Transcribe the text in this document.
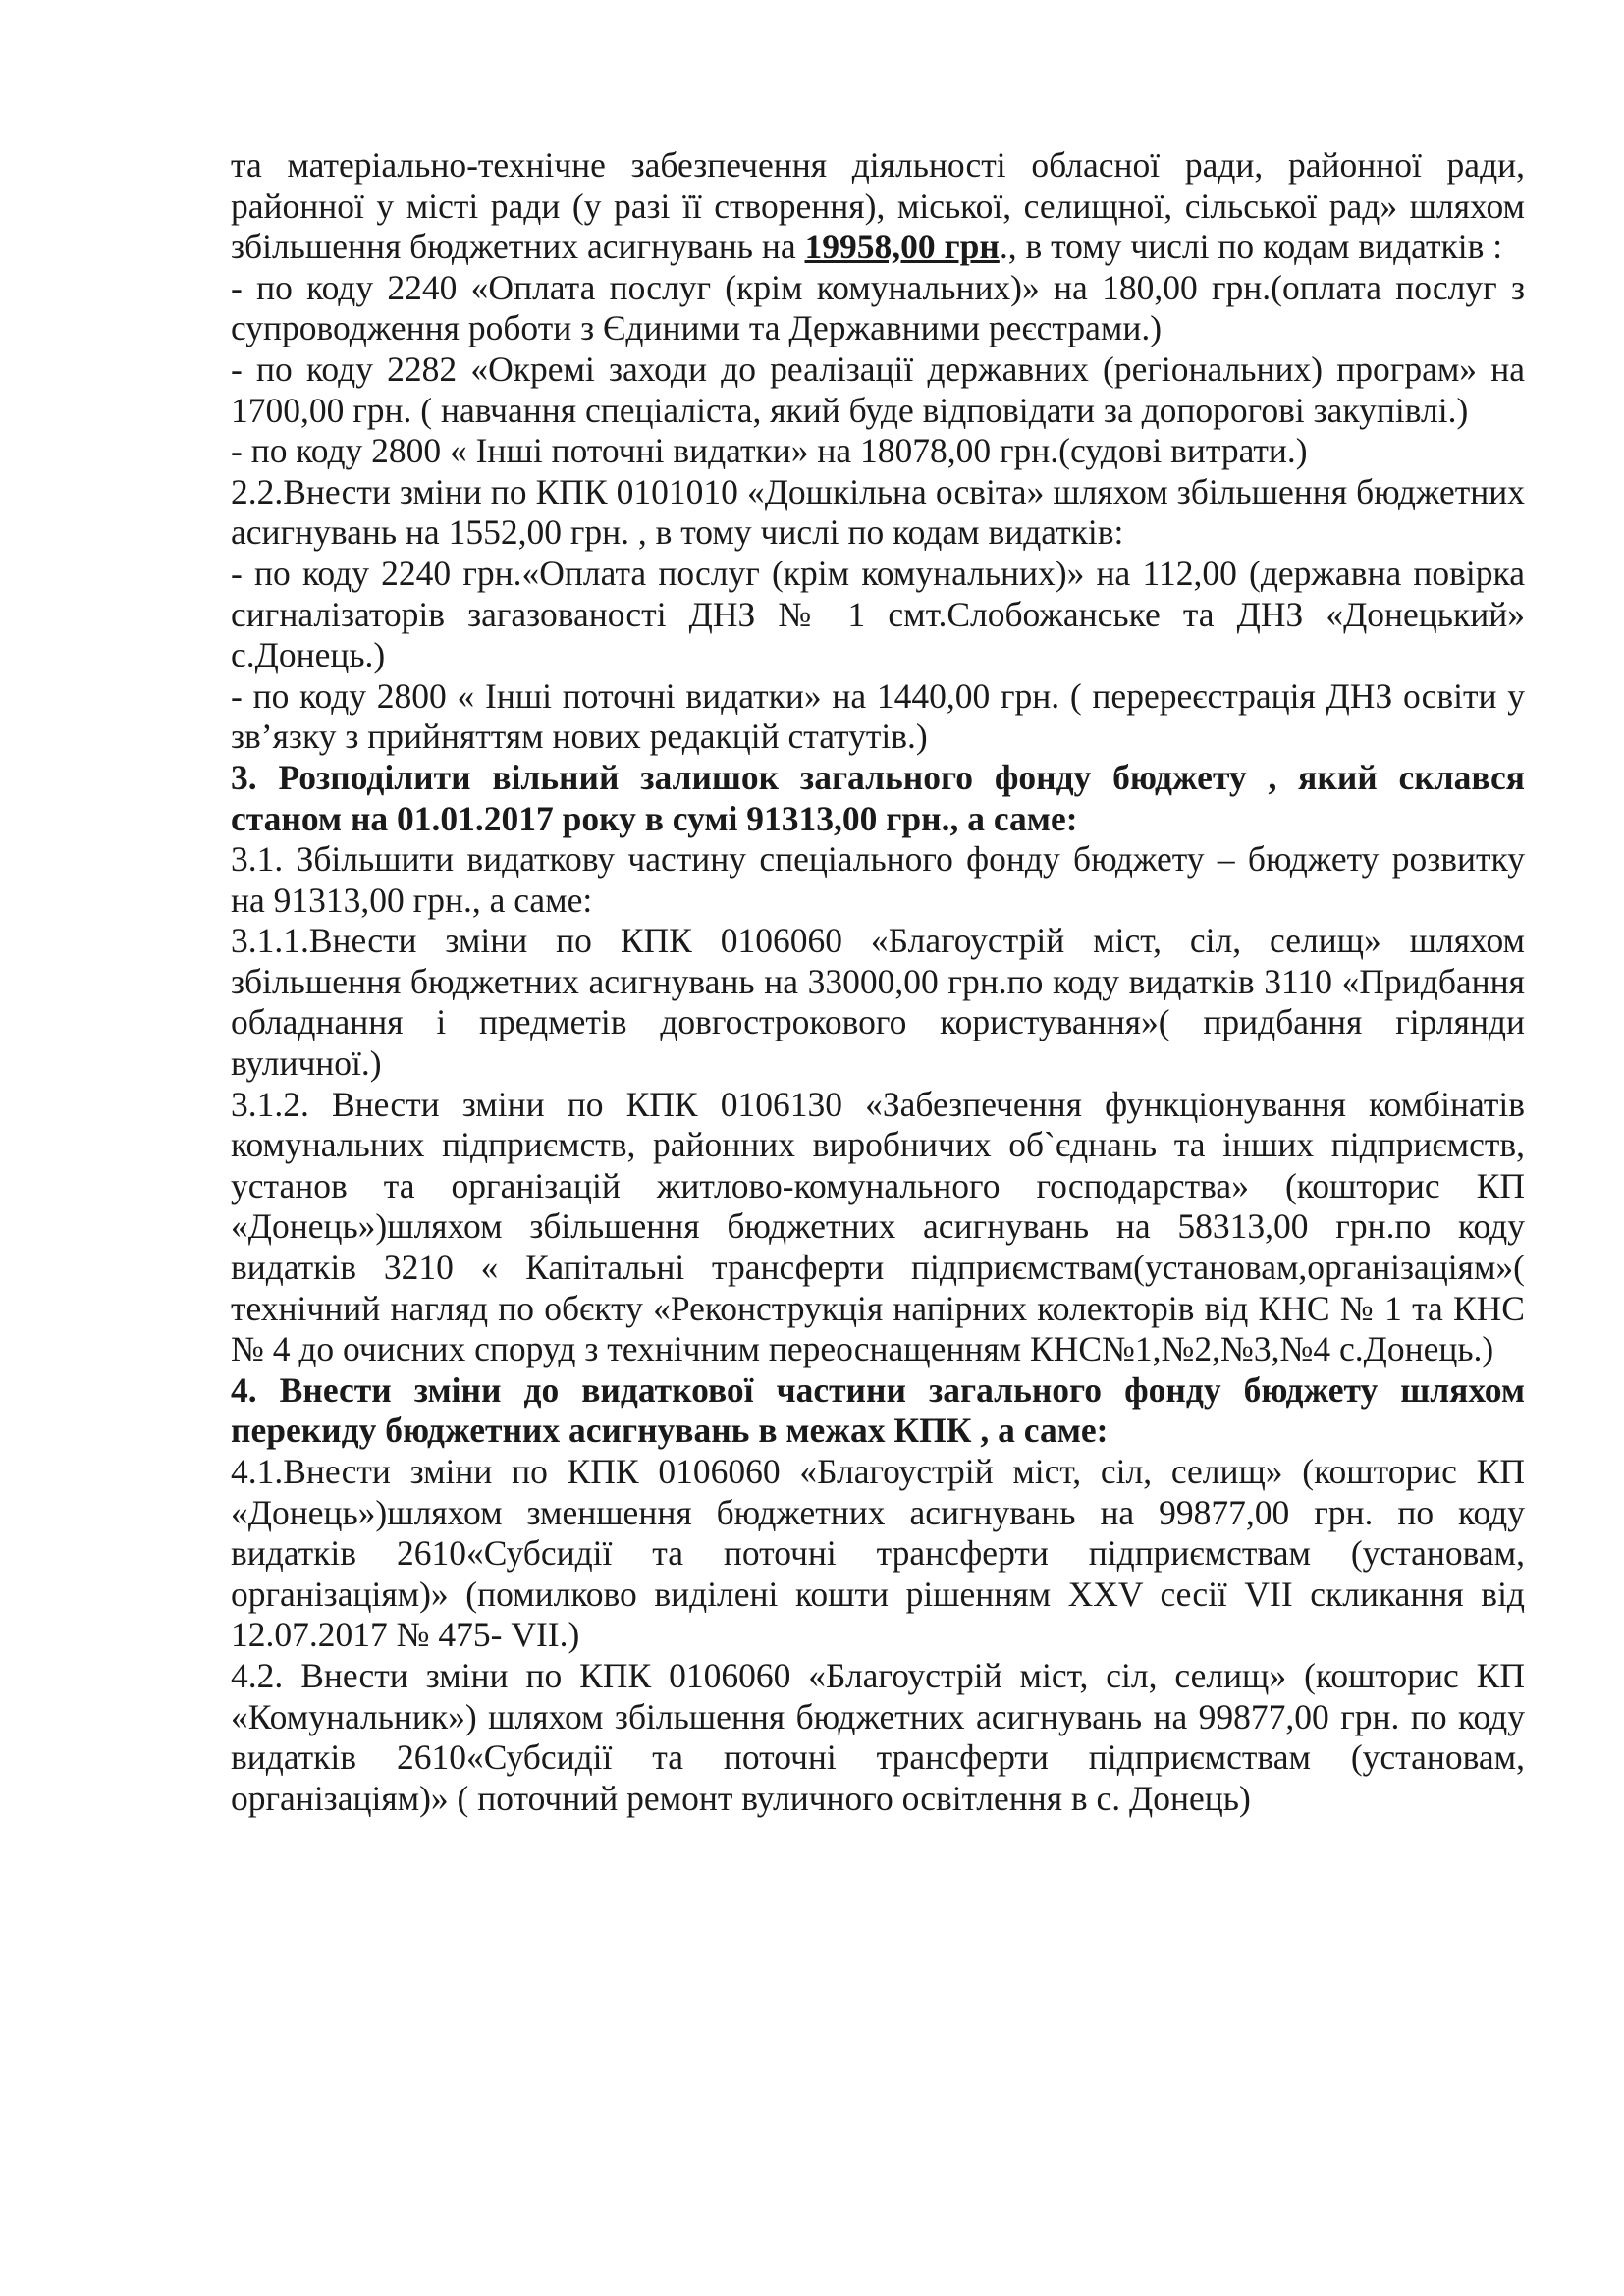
та матеріально-технічне забезпечення діяльності обласної ради, районної ради, районної у місті ради (у разі її створення), міської, селищної, сільської рад» шляхом збільшення бюджетних асигнувань на 19958,00 грн., в тому числі по кодам видатків :

- по коду 2240 «Оплата послуг (крім комунальних)» на 180,00 грн.(оплата послуг з супроводження роботи з Єдиними та Державними реєстрами.)

- по коду 2282 «Окремі заходи до реалізації державних (регіональних) програм» на 1700,00 грн. ( навчання спеціаліста, який буде відповідати за допорогові закупівлі.)

- по коду 2800 « Інші поточні видатки» на 18078,00 грн.(судові витрати.)

2.2.Внести зміни по КПК 0101010 «Дошкільна освіта» шляхом збільшення бюджетних асигнувань на 1552,00 грн. , в тому числі по кодам видатків:

- по коду 2240 грн.«Оплата послуг (крім комунальних)» на 112,00 (державна повірка сигналізаторів загазованості ДНЗ № 1 смт.Слобожанське та ДНЗ «Донецький» с.Донець.)

- по коду 2800 « Інші поточні видатки» на 1440,00 грн. ( перереєстрація ДНЗ освіти у зв’язку з прийняттям нових редакцій статутів.)

3. Розподілити вільний залишок загального фонду бюджету , який склався станом на 01.01.2017 року в сумі 91313,00 грн., а саме:

3.1. Збільшити видаткову частину спеціального фонду бюджету – бюджету розвитку на 91313,00 грн., а саме:

3.1.1.Внести зміни по КПК 0106060 «Благоустрій міст, сіл, селищ» шляхом збільшення бюджетних асигнувань на 33000,00 грн.по коду видатків 3110 «Придбання обладнання і предметів довгострокового користування»( придбання гірлянди вуличної.)

3.1.2. Внести зміни по КПК 0106130 «Забезпечення функціонування комбінатів комунальних підприємств, районних виробничих об`єднань та інших підприємств, установ та організацій житлово-комунального господарства» (кошторис КП «Донець»)шляхом збільшення бюджетних асигнувань на 58313,00 грн.по коду видатків 3210 « Капітальні трансферти підприємствам(установам,організаціям»( технічний нагляд по обєкту «Реконструкція напірних колекторів від КНС № 1 та КНС № 4 до очисних споруд з технічним переоснащенням КНС№1,№2,№3,№4 с.Донець.)

4. Внести зміни до видаткової частини загального фонду бюджету шляхом перекиду бюджетних асигнувань в межах КПК , а саме:

4.1.Внести зміни по КПК 0106060 «Благоустрій міст, сіл, селищ» (кошторис КП «Донець»)шляхом зменшення бюджетних асигнувань на 99877,00 грн. по коду видатків 2610«Субсидії та поточні трансферти підприємствам (установам, організаціям)» (помилково виділені кошти рішенням XXV сесії VII скликання від 12.07.2017 № 475- VII.)

4.2. Внести зміни по КПК 0106060 «Благоустрій міст, сіл, селищ» (кошторис КП «Комунальник») шляхом збільшення бюджетних асигнувань на 99877,00 грн. по коду видатків 2610«Субсидії та поточні трансферти підприємствам (установам, організаціям)» ( поточний ремонт вуличного освітлення в с. Донець)
